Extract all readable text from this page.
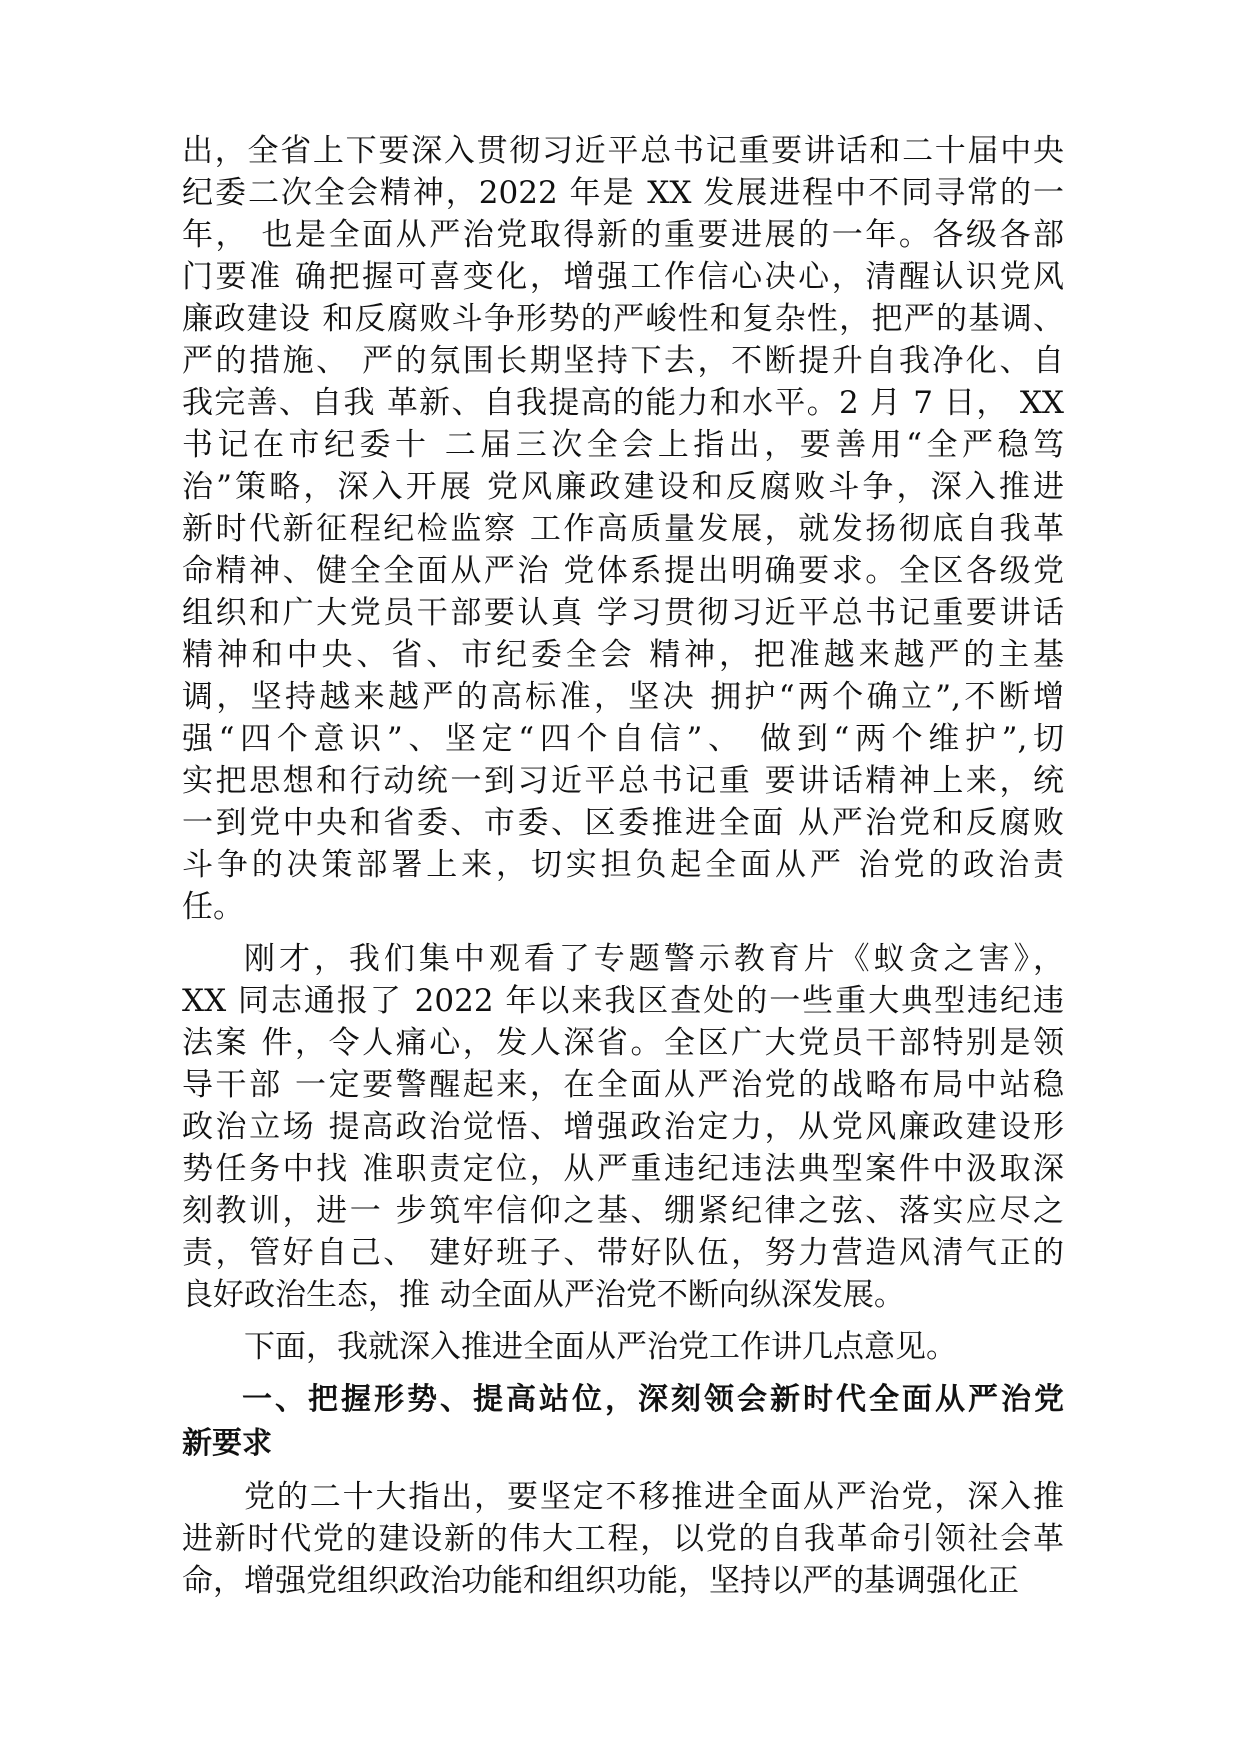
出，全省上下要深入贯彻习近平总书记重要讲话和二十届中央
纪委二次全会精神，2022 年是 XX 发展进程中不同寻常的一
年， 也是全面从严治党取得新的重要进展的一年。各级各部
门要准 确把握可喜变化，增强工作信心决心，清醒认识党风
廉政建设 和反腐败斗争形势的严峻性和复杂性，把严的基调、
严的措施、 严的氛围长期坚持下去，不断提升自我净化、自
我完善、自我 革新、自我提高的能力和水平。2 月 7 日， XX
书记在市纪委十 二届三次全会上指出，要善用“全严稳笃
治”策略，深入开展 党风廉政建设和反腐败斗争，深入推进
新时代新征程纪检监察 工作高质量发展，就发扬彻底自我革
命精神、健全全面从严治 党体系提出明确要求。全区各级党
组织和广大党员干部要认真 学习贯彻习近平总书记重要讲话
精神和中央、省、市纪委全会 精神，把准越来越严的主基
调，坚持越来越严的高标准，坚决 拥护“两个确立”,不断增
强“四个意识”、坚定“四个自信”、 做到“两个维护”,切
实把思想和行动统一到习近平总书记重 要讲话精神上来，统
一到党中央和省委、市委、区委推进全面 从严治党和反腐败
斗争的决策部署上来，切实担负起全面从严 治党的政治责
任。
刚才，我们集中观看了专题警示教育片《蚁贪之害》，
XX 同志通报了 2022 年以来我区查处的一些重大典型违纪违
法案 件，令人痛心，发人深省。全区广大党员干部特别是领
导干部 一定要警醒起来，在全面从严治党的战略布局中站稳
政治立场 提高政治觉悟、增强政治定力，从党风廉政建设形
势任务中找 准职责定位，从严重违纪违法典型案件中汲取深
刻教训，进一 步筑牢信仰之基、绷紧纪律之弦、落实应尽之
责，管好自己、 建好班子、带好队伍，努力营造风清气正的
良好政治生态，推 动全面从严治党不断向纵深发展。
下面，我就深入推进全面从严治党工作讲几点意见。
一、把握形势、提高站位，深刻领会新时代全面从严治党
新要求
党的二十大指出，要坚定不移推进全面从严治党，深入推
进新时代党的建设新的伟大工程，以党的自我革命引领社会革
命，增强党组织政治功能和组织功能，坚持以严的基调强化正
